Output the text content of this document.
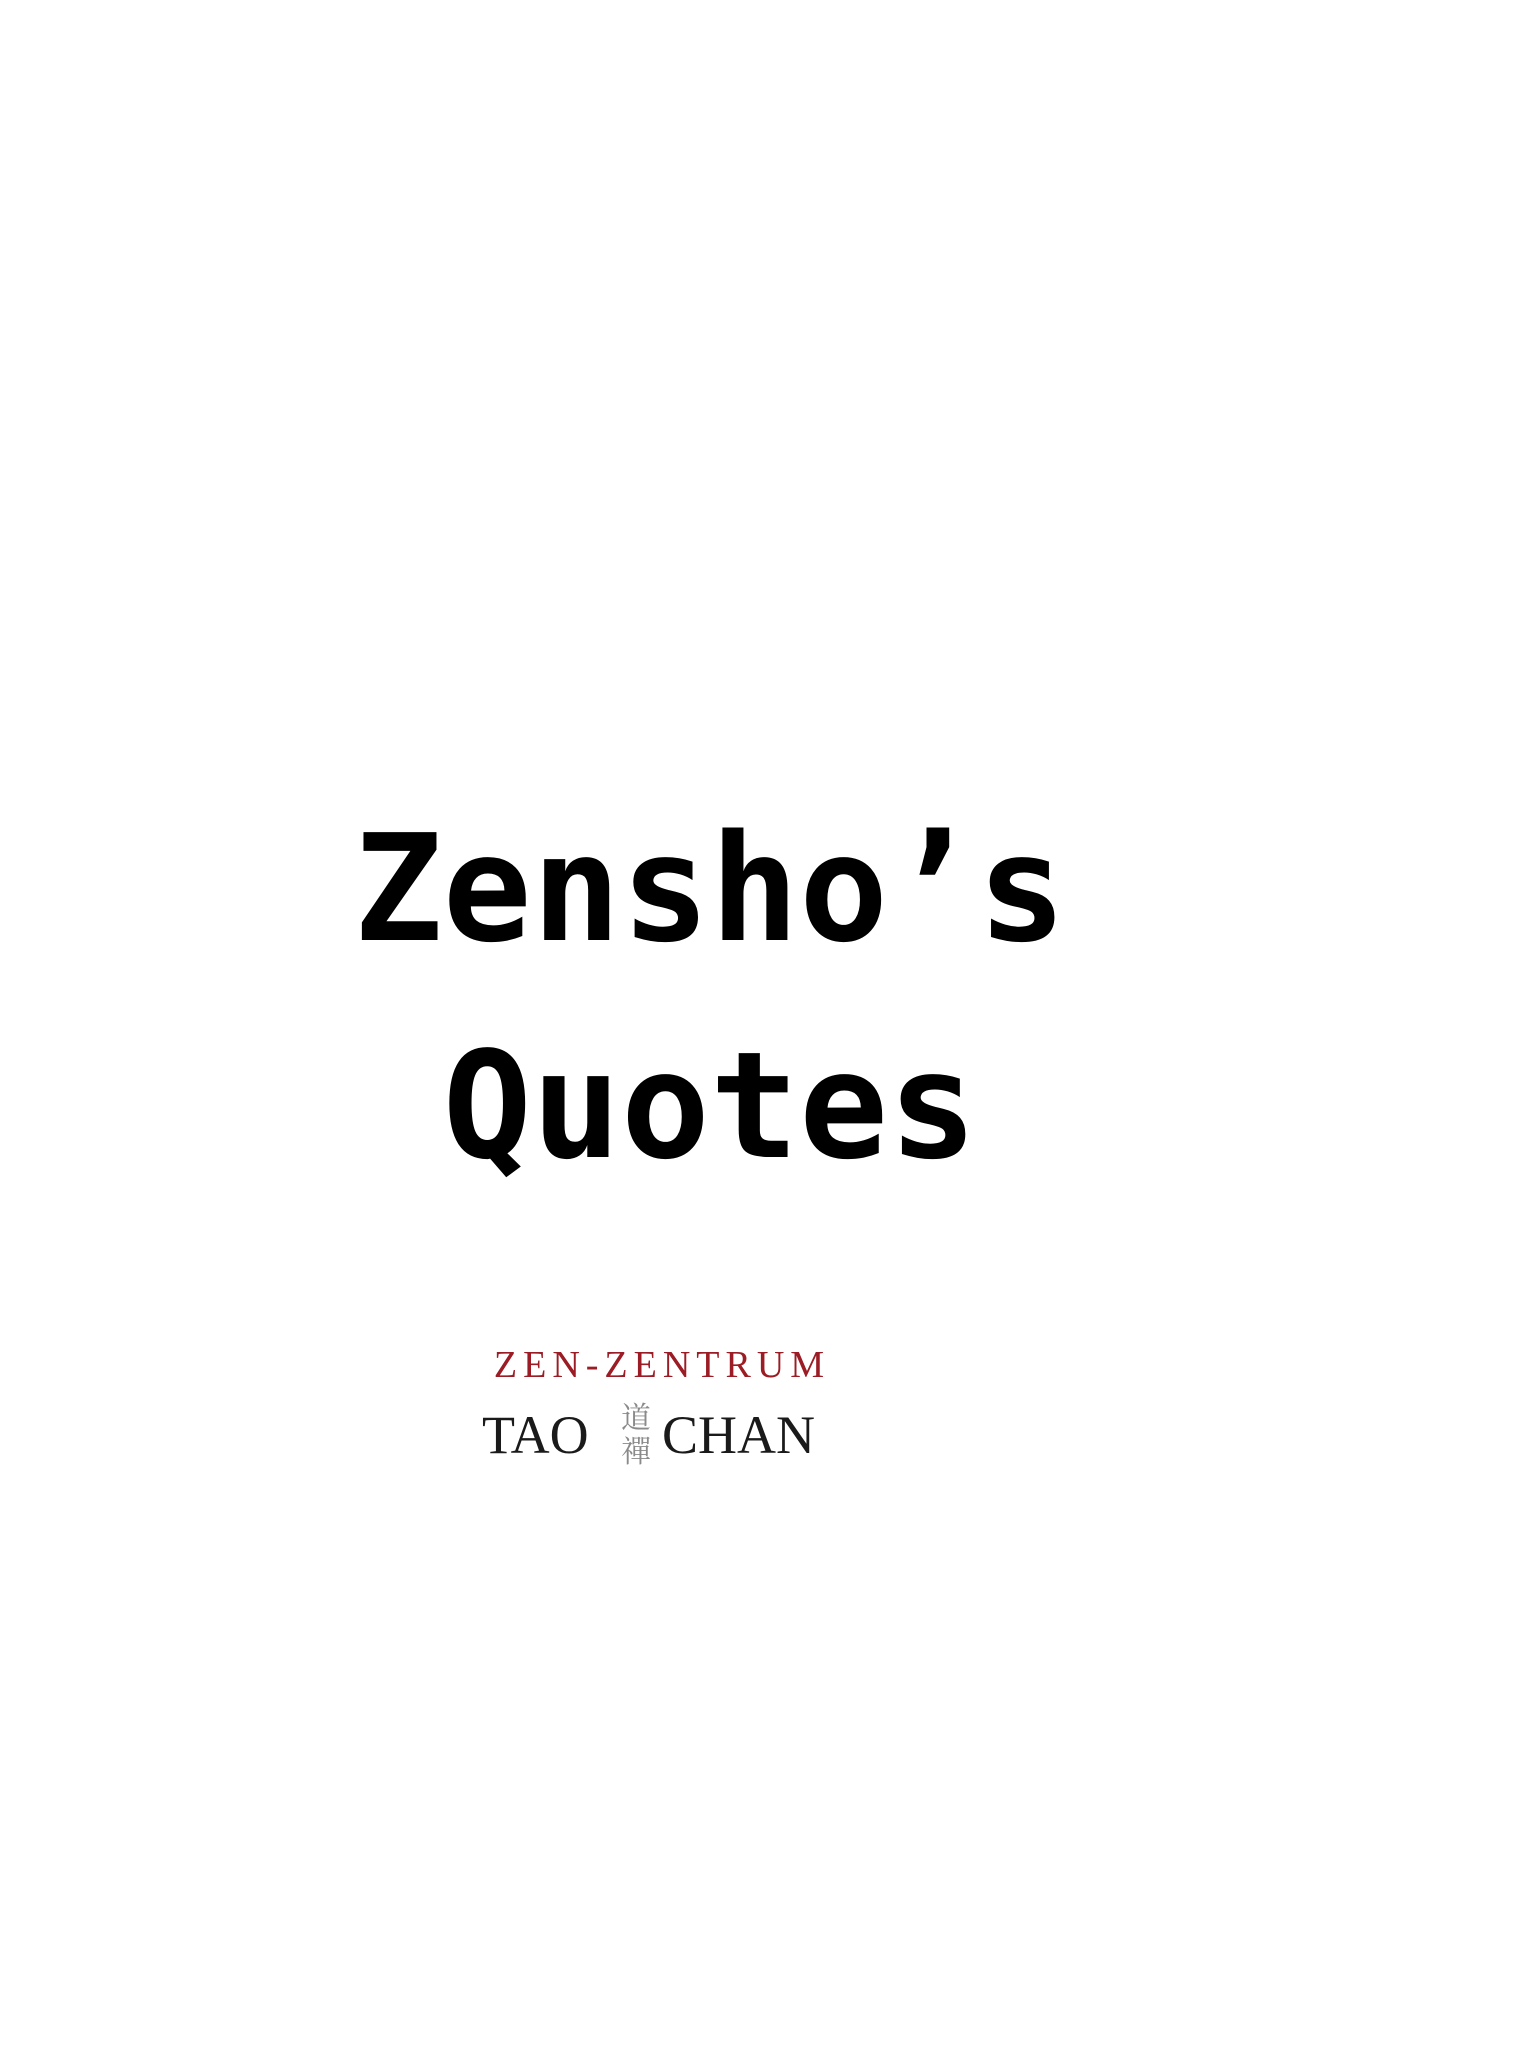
Zensho’s
Quotes
ZEN-ZENTRUM
TAO 道
禪 CHAN
